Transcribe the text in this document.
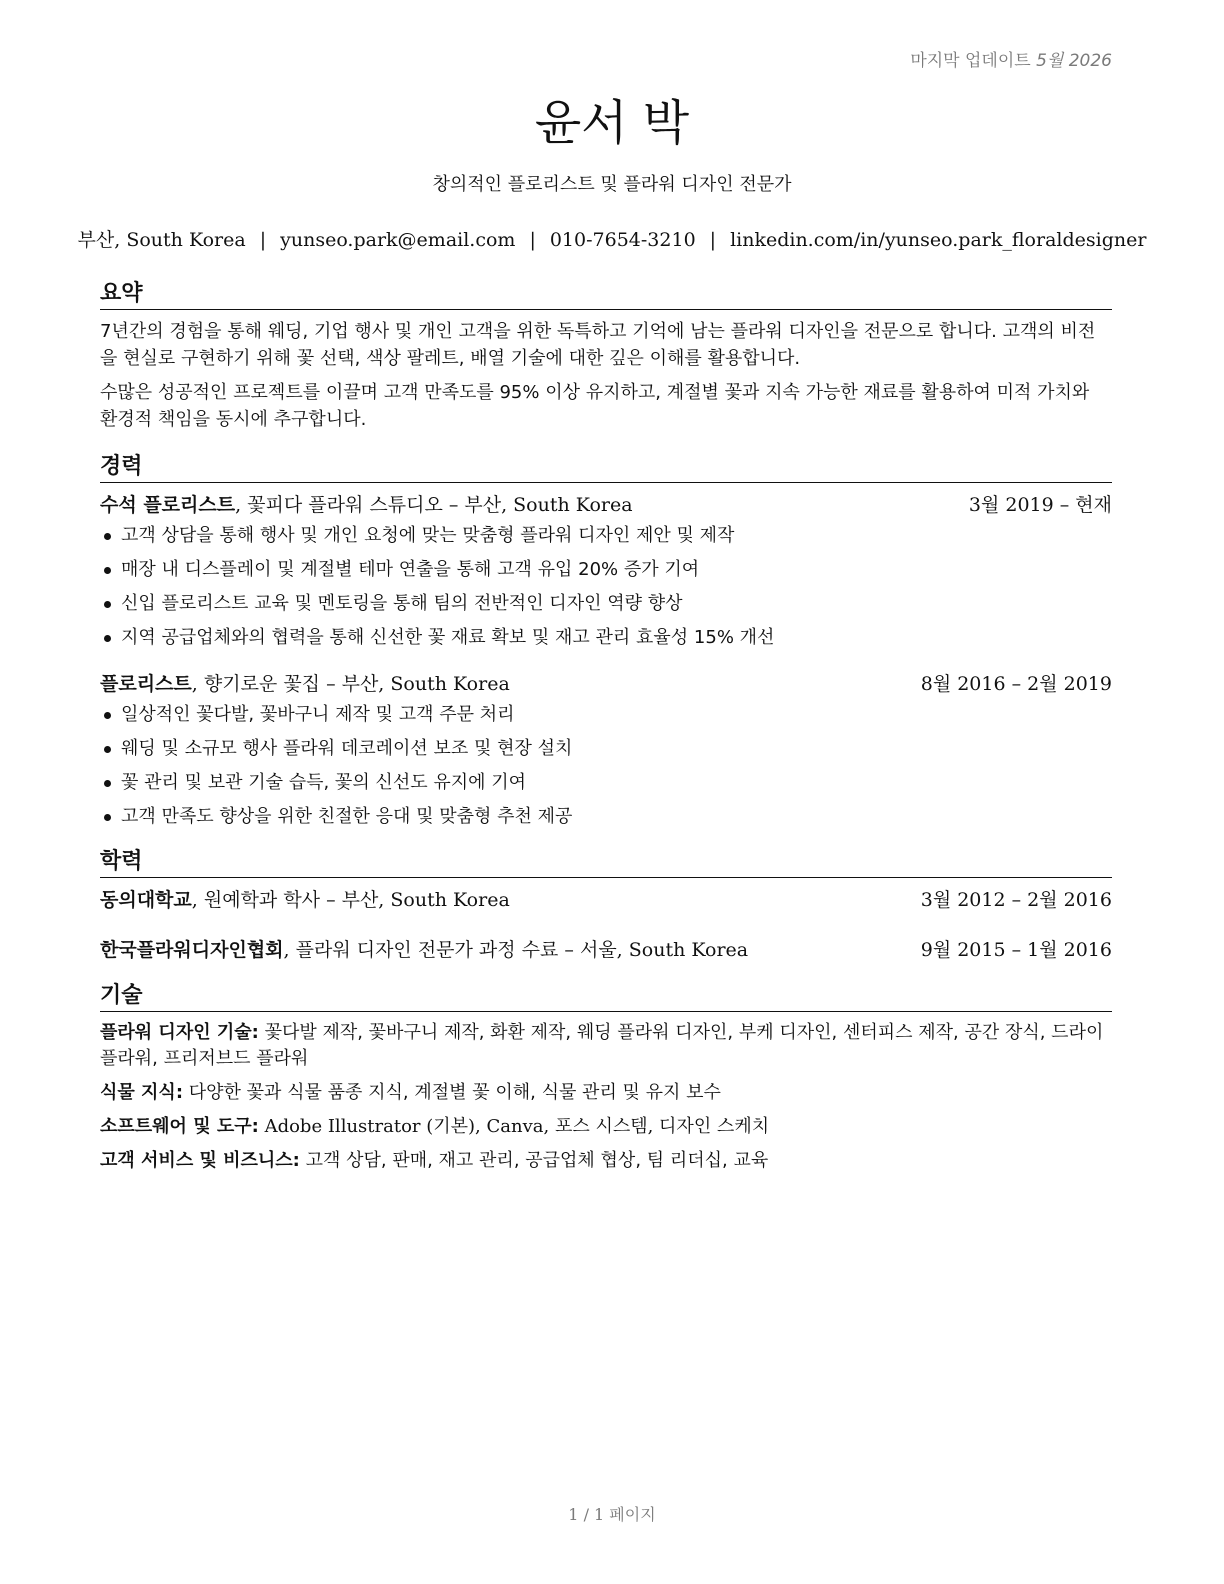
마지막 업데이트 5월 2026
윤서 박
창의적인 플로리스트 및 플라워 디자인 전문가
부산, South Korea | yunseo.park@email.com | 010-7654-3210 | linkedin.com/in/yunseo.park_floraldesigner
요약

7년간의 경험을 통해 웨딩, 기업 행사 및 개인 고객을 위한 독특하고 기억에 남는 플라워 디자인을 전문으로 합니다. 고객의 비전을 현실로 구현하기 위해 꽃 선택, 색상 팔레트, 배열 기술에 대한 깊은 이해를 활용합니다.

수많은 성공적인 프로젝트를 이끌며 고객 만족도를 95% 이상 유지하고, 계절별 꽃과 지속 가능한 재료를 활용하여 미적 가치와 환경적 책임을 동시에 추구합니다.

경력
수석 플로리스트, 꽃피다 플라워 스튜디오 – 부산, South Korea	3월 2019 – 현재
고객 상담을 통해 행사 및 개인 요청에 맞는 맞춤형 플라워 디자인 제안 및 제작
매장 내 디스플레이 및 계절별 테마 연출을 통해 고객 유입 20% 증가 기여
신입 플로리스트 교육 및 멘토링을 통해 팀의 전반적인 디자인 역량 향상
지역 공급업체와의 협력을 통해 신선한 꽃 재료 확보 및 재고 관리 효율성 15% 개선
플로리스트, 향기로운 꽃집 – 부산, South Korea	8월 2016 – 2월 2019
일상적인 꽃다발, 꽃바구니 제작 및 고객 주문 처리
웨딩 및 소규모 행사 플라워 데코레이션 보조 및 현장 설치
꽃 관리 및 보관 기술 습득, 꽃의 신선도 유지에 기여
고객 만족도 향상을 위한 친절한 응대 및 맞춤형 추천 제공
학력
동의대학교, 원예학과 학사 – 부산, South Korea	3월 2012 – 2월 2016
한국플라워디자인협회, 플라워 디자인 전문가 과정 수료 – 서울, South Korea	9월 2015 – 1월 2016
기술

플라워 디자인 기술: 꽃다발 제작, 꽃바구니 제작, 화환 제작, 웨딩 플라워 디자인, 부케 디자인, 센터피스 제작, 공간 장식, 드라이 플라워, 프리저브드 플라워

식물 지식: 다양한 꽃과 식물 품종 지식, 계절별 꽃 이해, 식물 관리 및 유지 보수

소프트웨어 및 도구: Adobe Illustrator (기본), Canva, 포스 시스템, 디자인 스케치

고객 서비스 및 비즈니스: 고객 상담, 판매, 재고 관리, 공급업체 협상, 팀 리더십, 교육

1 / 1 페이지
